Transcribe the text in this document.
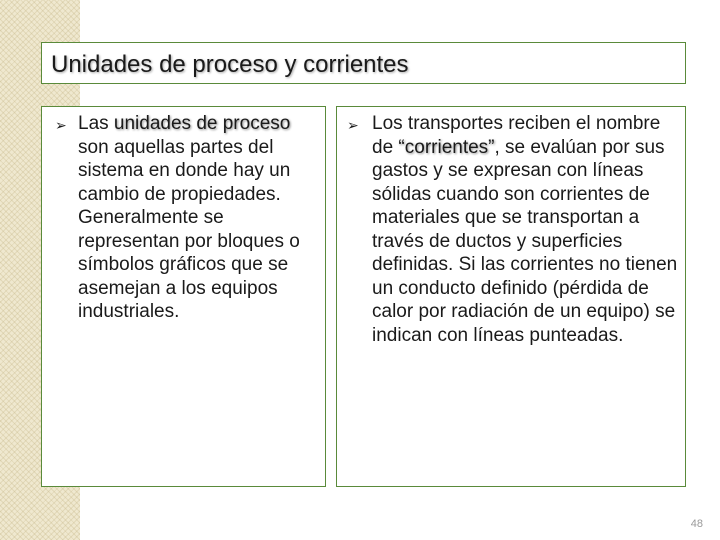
Unidades de proceso y corrientes
➢ Las unidades de proceso son aquellas partes del sistema en donde hay un cambio de propiedades. Generalmente se representan por bloques o símbolos gráficos que se asemejan a los equipos industriales.

➢ Los transportes reciben el nombre de “corrientes”, se evalúan por sus gastos y se expresan con líneas sólidas cuando son corrientes de materiales que se transportan a través de ductos y superficies definidas. Si las corrientes no tienen un conducto definido (pérdida de calor por radiación de un equipo) se indican con líneas punteadas.

48
